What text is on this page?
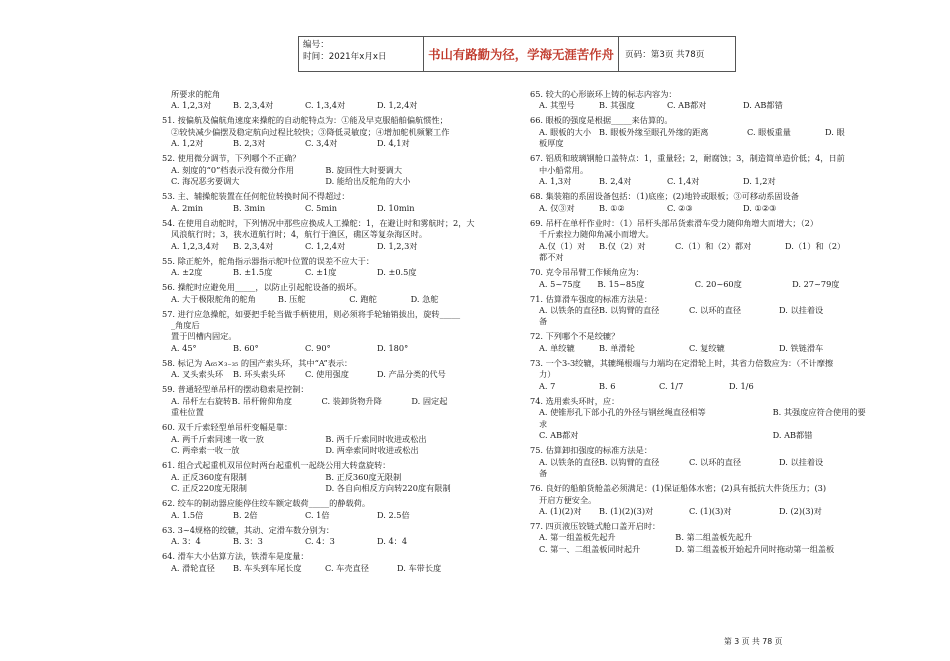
编号：
时间：2021年x月x日	书山有路勤为径，学海无涯苦作舟	页码：第3页 共78页
所要求的舵角
A. 1,2,3对	B. 2,3,4对	C. 1,3,4对	D. 1,2,4对
51. 按偏航及偏航角速度来操舵的自动舵特点为：①能及早克服船舶偏航惯性；
②较快减少偏摆及稳定航向过程比较快；③降低灵敏度；④增加舵机频繁工作
A. 1,2对	B. 2,3对	C. 3,4对	D. 4,1对
52. 使用微分调节，下列哪个不正确？
A. 刻度的“0”档表示没有微分作用	B. 旋回性大时要调大
C. 海况恶劣要调大	D. 能给出反舵角的大小
53. 主、辅操舵装置在任何舵位转换时间不得超过：
A. 2min	B. 3min	C. 5min	D. 10min
54. 在使用自动舵时，下列情况中那些应换成人工操舵：1，在避让时和雾航时；2，大
风浪航行时；3，狭水道航行时；4，航行于渔区，礁区等复杂海区时。
A. 1,2,3,4对	B. 2,3,4对	C. 1,2,4对	D. 1,2,3对
55. 除正舵外，舵角指示器指示舵叶位置的误差不应大于：
A. ±2度	B. ±1.5度	C. ±1度	D. ±0.5度
56. 操舵时应避免用_____，以防止引起舵设备的损坏。
A. 大于极限舵角的舵角	B. 压舵	C. 跑舵	D. 急舵
57. 进行应急操舵，如要把手轮当做手柄使用，则必须将手轮轴销拔出，旋转_____
_角度后
置于凹槽内固定。
A. 45°	B. 60°	C. 90°	D. 180°
58. 标记为 A₆₅×₃₋₃₅ 的国产索头环，其中“A”表示：
A. 叉头索头环	B. 环头索头环	C. 使用强度	D. 产品分类的代号
59. 普通轻型单吊杆的摆动稳索是控制：
A. 吊杆左右旋转 B. 吊杆俯仰角度	C. 装卸货物升降	D. 固定起
重柱位置
60. 双千斤索轻型单吊杆变幅是靠：
A. 两千斤索同速一收一放	B. 两千斤索同时收进或松出
C. 两牵索一收一放	D. 两牵索同时收进或松出
61. 组合式起重机双吊位时两台起重机一起绕公用大转盘旋转：
A. 正反360度有限制	B. 正反360度无限制
C. 正反220度无限制	D. 各自向相反方向转220度有限制
62. 绞车的制动器应能停住绞车额定载荷_____的静载荷。
A. 1.5倍	B. 2倍	C. 1倍	D. 2.5倍
63. 3~4规格的绞辘，其动、定滑车数分别为：
A. 3：4	B. 3：3	C. 4：3	D. 4：4
64. 滑车大小估算方法，铁滑车是度量：
A. 滑轮直径	B. 车头到车尾长度	C. 车壳直径	D. 车带长度
65. 较大的心形嵌环上铸的标志内容为：
A. 其型号	B. 其强度	C. AB都对	D. AB都错
66. 眼板的强度是根据_____来估算的。
A. 眼板的大小 B. 眼板外缘至眼孔外缘的距离	C. 眼板重量	D. 眼
板厚度
67. 铝质和玻璃钢舱口盖特点：1，重量轻；2，耐腐蚀；3，制造简单造价低；4，日前
中小船常用。
A. 1,3对	B. 2,4对	C. 1,4对	D. 1,2对
68. 集装箱的系固设备包括：（1)底座；(2)地铃或眼板；③可移动系固设备
A. 仅③对	B. ①②	C. ②③	D. ①②③
69. 吊杆在单杆作业时：（1）吊杆头部吊货索滑车受力随仰角增大而增大；（2）
千斤索拉力随仰角减小而增大。
A.仅（1）对	B.仅（2）对	C.（1）和（2）都对	D.（1）和（2）
都不对
70. 克令吊吊臂工作倾角应为：
A. 5~75度	B. 15~85度	C. 20~60度	D. 27~79度
71. 估算滑车强度的标准方法是：
A. 以铁条的直径 B. 以钩臂的直径	C. 以环的直径	D. 以挂着设
备
72. 下列哪个不是绞辘？
A. 单绞辘	B. 单滑轮	C. 复绞辘	D. 铁链滑车
73. 一个3-3绞辘，其辘绳根端与力端均在定滑轮上时，其省力倍数应为：（不计摩擦
力）
A. 7	B. 6	C. 1/7	D. 1/6
74. 选用索头环时，应：
A. 使锥形孔下部小孔的外径与钢丝绳直径相等	B. 其强度应符合使用的要
求
C. AB都对	D. AB都错
75. 估算卸扣强度的标准方法是：
A. 以铁条的直径 B. 以钩臂的直径	C. 以环的直径	D. 以挂着设
备
76. 良好的船舶货舱盖必须满足：(1)保证船体水密；(2)具有抵抗大件货压力；(3)
开启方便安全。
A. (1)(2)对	B. (1)(2)(3)对	C. (1)(3)对	D. (2)(3)对
77. 四页液压铰链式舱口盖开启时：
A. 第一组盖板先起升	B. 第二组盖板先起升
C. 第一、二组盖板同时起升	D. 第二组盖板开始起升同时拖动第一组盖板
第 3 页 共 78 页
